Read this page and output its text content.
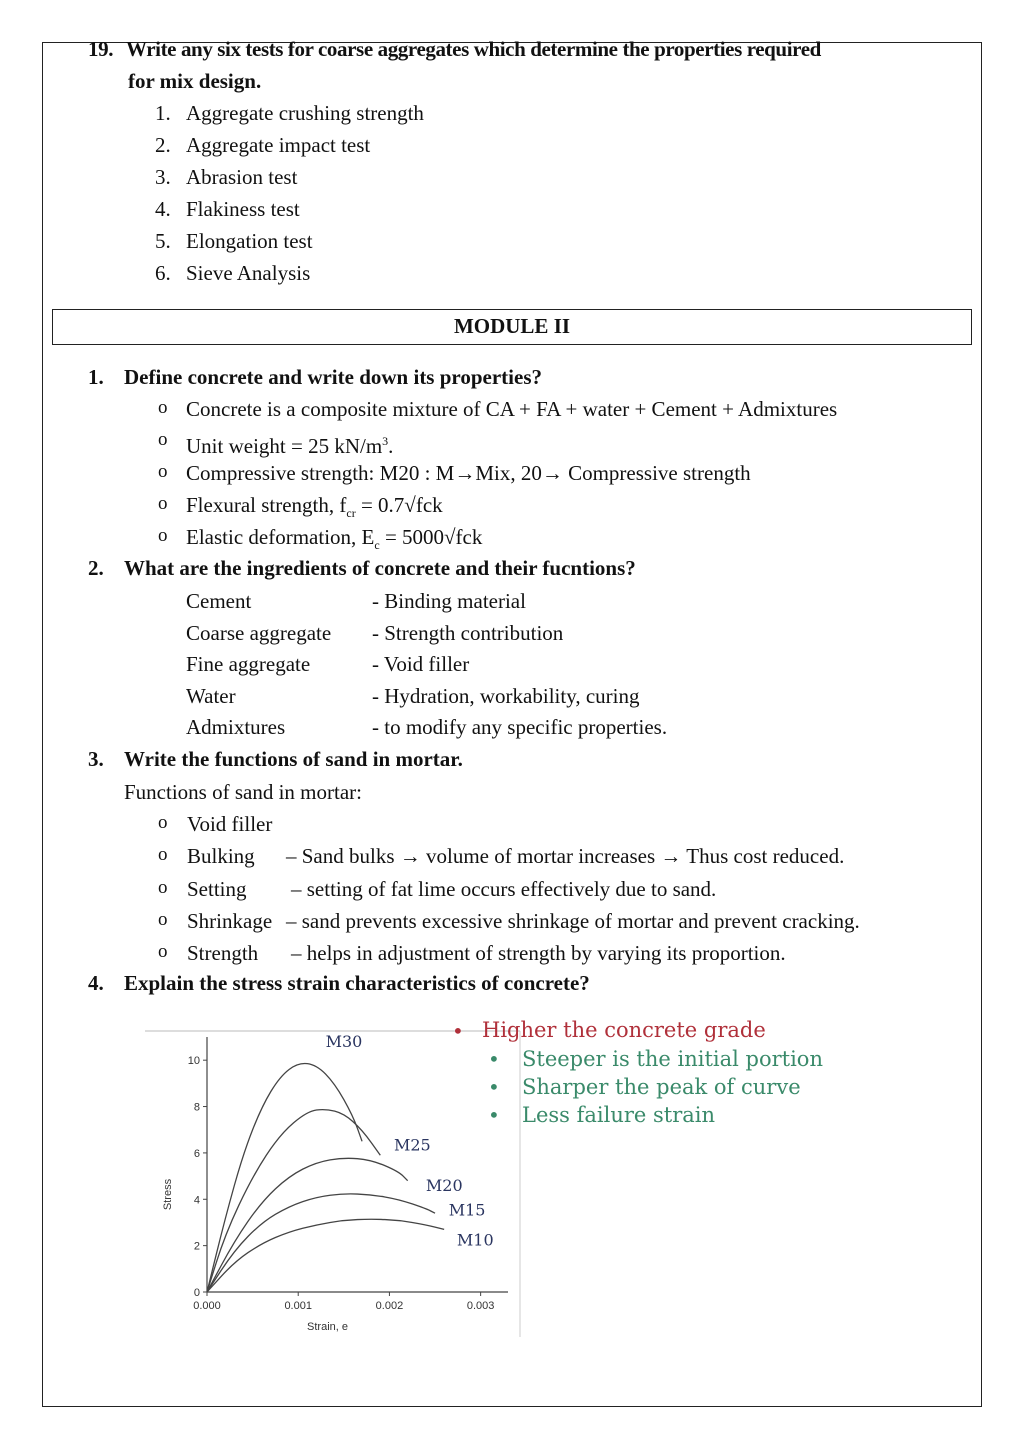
19. Write any six tests for coarse aggregates which determine the properties required
for mix design.
1. Aggregate crushing strength
2. Aggregate impact test
3. Abrasion test
4. Flakiness test
5. Elongation test
6. Sieve Analysis
MODULE II
1. Define concrete and write down its properties?
o Concrete is a composite mixture of CA + FA + water + Cement + Admixtures
o Unit weight = 25 $kN/m^3$.
o Compressive strength: M20 : M→Mix, 20→ Compressive strength
o Flexural strength, $f_{cr} = 0.7√fck$
o Elastic deformation, $E_c = 5000√fck$
2. What are the ingredients of concrete and their fucntions?
Cement	- Binding material
Coarse aggregate - Strength contribution
Fine aggregate	- Void filler
Water	- Hydration, workability, curing
Admixtures	- to modify any specific properties.
3. Write the functions of sand in mortar.
Functions of sand in mortar:
o Void filler
o Bulking – Sand bulks → volume of mortar increases → Thus cost reduced.
o Setting – setting of fat lime occurs effectively due to sand.
o Shrinkage – sand prevents excessive shrinkage of mortar and prevent cracking.
o Strength – helps in adjustment of strength by varying its proportion.
4. Explain the stress strain characteristics of concrete?
0
2
4
6
8
10
0.000	0.001	0.002	0.003
Strain, e
Stress
M30
M25
M20
M15
M10
• Higher the concrete grade
• Steeper is the initial portion
• Sharper the peak of curve
• Less failure strain
